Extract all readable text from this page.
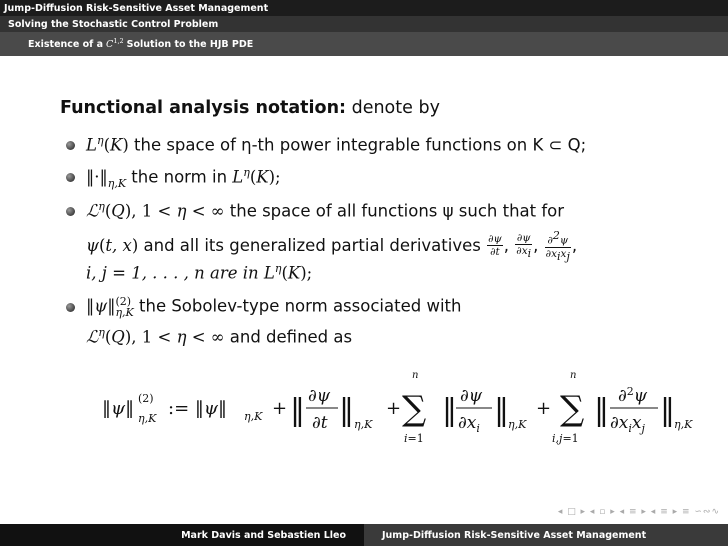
Jump-Diffusion Risk-Sensitive Asset Management
Solving the Stochastic Control Problem
Existence of a C$^{1,2}$ Solution to the HJB PDE
Functional analysis notation: denote by
$L^\eta(K)$ the space of η-th power integrable functions on K ⊂ Q;
$‖\cdot‖_{\eta,K}$ the norm in $L^\eta(K)$;
ℒ$^\eta$(Q), 1 < η < ∞ the space of all functions ψ such that for
ψ(t, x) and all its generalized partial derivatives $\frac{\partial\psi}{\partial t}$ , $\frac{\partial\psi}{\partial x_i}$ , $\frac{\partial^2\psi}{\partial x_ix_j}$ ,
i, j = 1, . . . , n are in $L^\eta(K)$;
‖ψ‖ (2)
η,K the Sobolev-type norm associated with
ℒ$^\eta$(Q), 1 < η < ∞ and defined as
‖ψ‖ (2)
η,K := ‖ψ‖ η,K + ‖ ∂ψ
∂t ‖ η,K
+
n
∑
i=1
‖ ∂ψ
$\partial x_i$
‖ η,K
+
n
∑
i,j=1
‖ ∂$^2$ψ
$\partial x_ix_j$
‖ η,K
◂ □ ▸ ◂ ▫ ▸ ◂ ≡ ▸ ◂ ≡ ▸ ≡ ∽∾∿
Mark Davis and Sebastien Lleo	Jump-Diffusion Risk-Sensitive Asset Management
